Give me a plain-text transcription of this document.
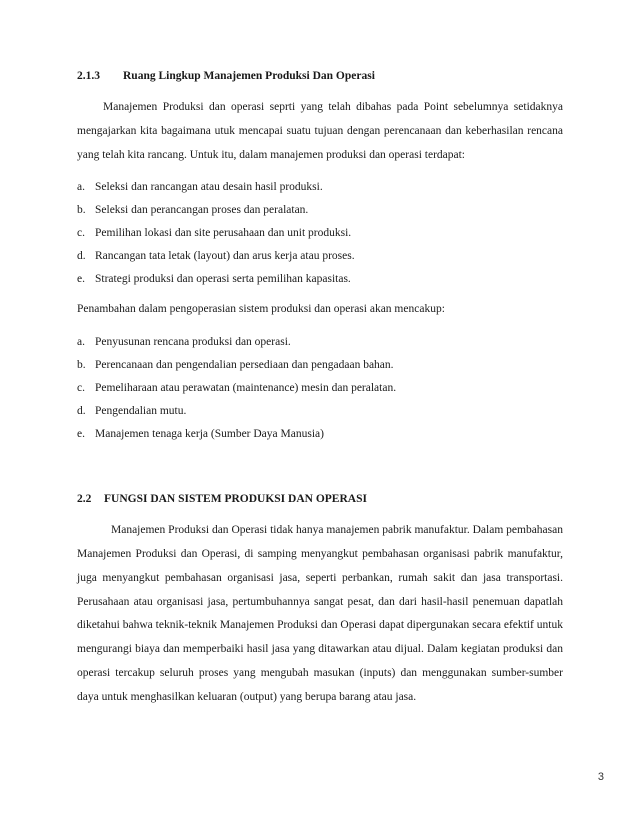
2.1.3 Ruang Lingkup Manajemen Produksi Dan Operasi

Manajemen Produksi dan operasi seprti yang telah dibahas pada Point sebelumnya setidaknya mengajarkan kita bagaimana utuk mencapai suatu tujuan dengan perencanaan dan keberhasilan rencana yang telah kita rancang. Untuk itu, dalam manajemen produksi dan operasi terdapat:

a. Seleksi dan rancangan atau desain hasil produksi.
b. Seleksi dan perancangan proses dan peralatan.
c. Pemilihan lokasi dan site perusahaan dan unit produksi.
d. Rancangan tata letak (layout) dan arus kerja atau proses.
e. Strategi produksi dan operasi serta pemilihan kapasitas.

Penambahan dalam pengoperasian sistem produksi dan operasi akan mencakup:

a. Penyusunan rencana produksi dan operasi.
b. Perencanaan dan pengendalian persediaan dan pengadaan bahan.
c. Pemeliharaan atau perawatan (maintenance) mesin dan peralatan.
d. Pengendalian mutu.
e. Manajemen tenaga kerja (Sumber Daya Manusia)
2.2 FUNGSI DAN SISTEM PRODUKSI DAN OPERASI

Manajemen Produksi dan Operasi tidak hanya manajemen pabrik manufaktur. Dalam pembahasan Manajemen Produksi dan Operasi, di samping menyangkut pembahasan organisasi pabrik manufaktur, juga menyangkut pembahasan organisasi jasa, seperti perbankan, rumah sakit dan jasa transportasi. Perusahaan atau organisasi jasa, pertumbuhannya sangat pesat, dan dari hasil-hasil penemuan dapatlah diketahui bahwa teknik-teknik Manajemen Produksi dan Operasi dapat dipergunakan secara efektif untuk mengurangi biaya dan memperbaiki hasil jasa yang ditawarkan atau dijual. Dalam kegiatan produksi dan operasi tercakup seluruh proses yang mengubah masukan (inputs) dan menggunakan sumber-sumber daya untuk menghasilkan keluaran (output) yang berupa barang atau jasa.

3
